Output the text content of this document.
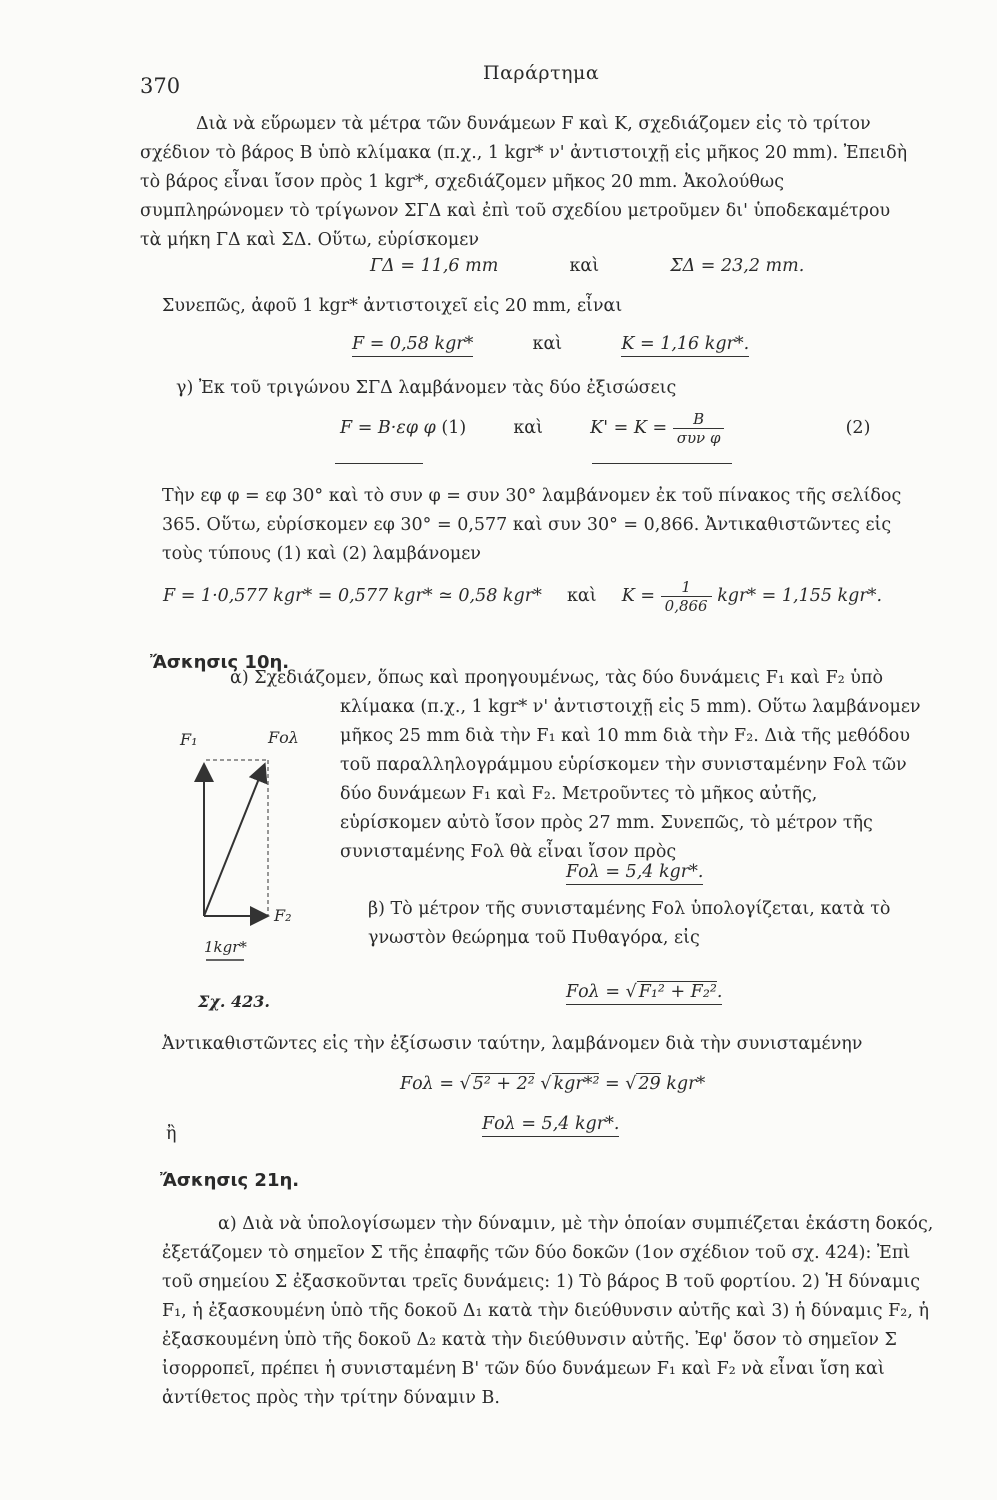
370
Παράρτημα
Διὰ νὰ εὕρωμεν τὰ μέτρα τῶν δυνάμεων F καὶ K, σχεδιάζομεν εἰς τὸ τρίτον σχέδιον τὸ βάρος B ὑπὸ κλίμακα (π.χ., 1 kgr* ν' ἀντιστοιχῇ εἰς μῆκος 20 mm). Ἐπειδὴ τὸ βάρος εἶναι ἴσον πρὸς 1 kgr*, σχεδιάζομεν μῆκος 20 mm. Ἀκολούθως συμπληρώνομεν τὸ τρίγωνον ΣΓΔ καὶ ἐπὶ τοῦ σχεδίου μετροῦμεν δι' ὑποδεκαμέτρου τὰ μήκη ΓΔ καὶ ΣΔ. Οὕτω, εὑρίσκομεν
ΓΔ = 11,6 mm	καὶ	ΣΔ = 23,2 mm.
Συνεπῶς, ἀφοῦ 1 kgr* ἀντιστοιχεῖ εἰς 20 mm, εἶναι
F = 0,58 kgr*	καὶ	K = 1,16 kgr*.
γ) Ἐκ τοῦ τριγώνου ΣΓΔ λαμβάνομεν τὰς δύο ἐξισώσεις
F = B·εφ φ (1)	καὶ	$K' = K = \frac{B}{\text{συν φ}}$	(2)
Τὴν εφ φ = εφ 30° καὶ τὸ συν φ = συν 30° λαμβάνομεν ἐκ τοῦ πίνακος τῆς σελίδος 365. Οὕτω, εὑρίσκομεν εφ 30° = 0,577 καὶ συν 30° = 0,866. Ἀντικαθιστῶντες εἰς τοὺς τύπους (1) καὶ (2) λαμβάνομεν
F = 1·0,577 kgr* = 0,577 kgr* ≃ 0,58 kgr* καὶ $K = \frac{1}{0,866} kgr* = 1,155$ kgr*.
Ἄσκησις 10η.
α) Σχεδιάζομεν, ὅπως καὶ προηγουμένως, τὰς δύο δυνάμεις F₁ καὶ F₂ ὑπὸ κλίμακα (π.χ., 1 kgr* ν' ἀντιστοιχῇ εἰς 5 mm). Οὕτω λαμβάνομεν μῆκος 25 mm διὰ τὴν F₁ καὶ 10 mm διὰ τὴν F₂. Διὰ τῆς μεθόδου τοῦ παραλληλογράμμου εὑρίσκομεν τὴν συνισταμένην Fολ τῶν δύο δυνάμεων F₁ καὶ F₂. Μετροῦντες τὸ μῆκος αὐτῆς, εὑρίσκομεν αὐτὸ ἴσον πρὸς 27 mm. Συνεπῶς, τὸ μέτρον τῆς συνισταμένης Fολ θὰ εἶναι ἴσον πρὸς
Fολ = 5,4 kgr*.
β) Τὸ μέτρον τῆς συνισταμένης Fολ ὑπολογίζεται, κατὰ τὸ γνωστὸν θεώρημα τοῦ Πυθαγόρα, εἰς
Fολ = √ F₁² + F₂².
F₁	Fολ
F₂
1kgr*
Σχ. 423.
Ἀντικαθιστῶντες εἰς τὴν ἐξίσωσιν ταύτην, λαμβάνομεν διὰ τὴν συνισταμένην
Fολ = √ 5² + 2² √ kgr*² = √ 29 kgr*
ἢ	Fολ = 5,4 kgr*.
Ἄσκησις 21η.
α) Διὰ νὰ ὑπολογίσωμεν τὴν δύναμιν, μὲ τὴν ὁποίαν συμπιέζεται ἑκάστη δοκός, ἐξετάζομεν τὸ σημεῖον Σ τῆς ἐπαφῆς τῶν δύο δοκῶν (1ον σχέδιον τοῦ σχ. 424): Ἐπὶ τοῦ σημείου Σ ἐξασκοῦνται τρεῖς δυνάμεις: 1) Τὸ βάρος B τοῦ φορτίου. 2) Ἡ δύναμις F₁, ἡ ἐξασκουμένη ὑπὸ τῆς δοκοῦ Δ₁ κατὰ τὴν διεύθυνσιν αὐτῆς καὶ 3) ἡ δύναμις F₂, ἡ ἐξασκουμένη ὑπὸ τῆς δοκοῦ Δ₂ κατὰ τὴν διεύθυνσιν αὐτῆς. Ἐφ' ὅσον τὸ σημεῖον Σ ἰσορροπεῖ, πρέπει ἡ συνισταμένη B' τῶν δύο δυνάμεων F₁ καὶ F₂ νὰ εἶναι ἴση καὶ ἀντίθετος πρὸς τὴν τρίτην δύναμιν B.
